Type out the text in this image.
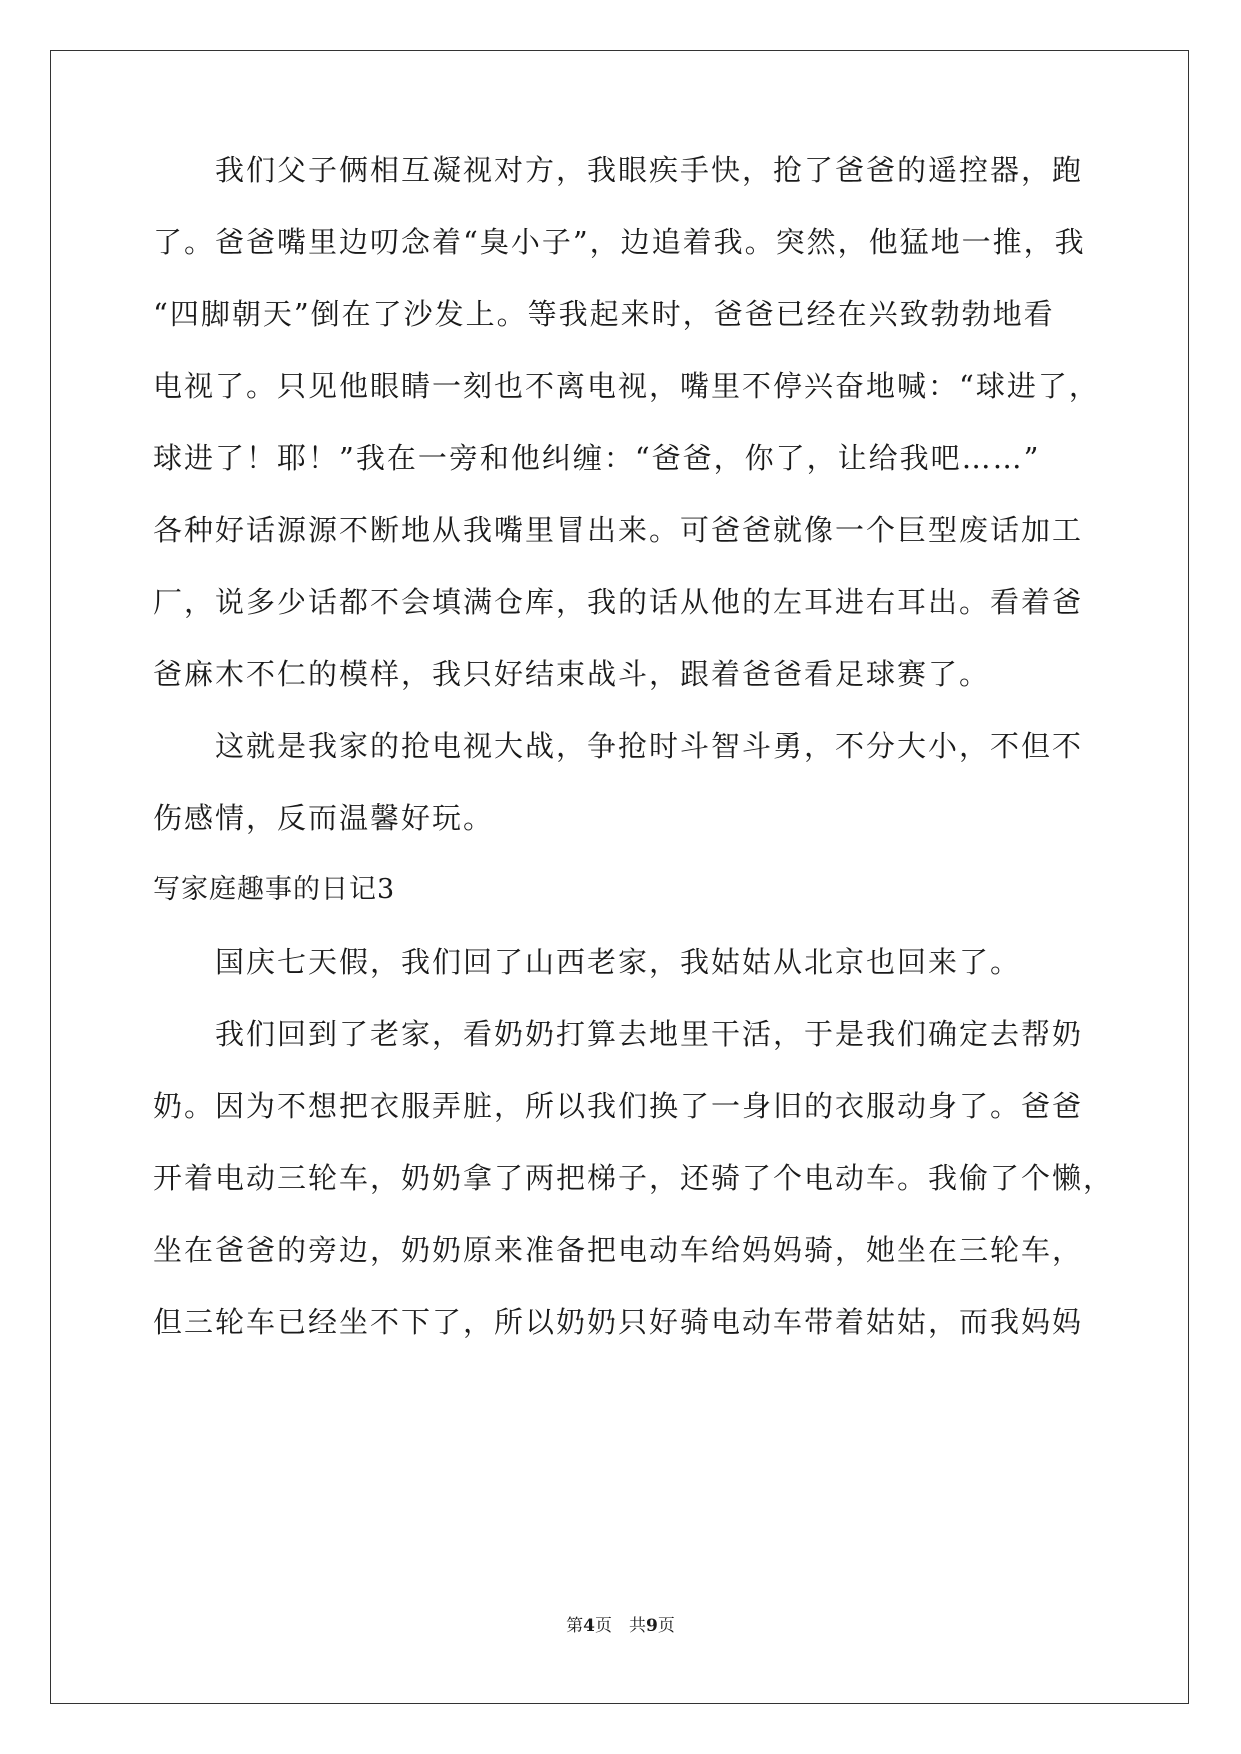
我们父子俩相互凝视对方，我眼疾手快，抢了爸爸的遥控器，跑
了。爸爸嘴里边叨念着“臭小子”，边追着我。突然，他猛地一推，我
“四脚朝天”倒在了沙发上。等我起来时，爸爸已经在兴致勃勃地看
电视了。只见他眼睛一刻也不离电视，嘴里不停兴奋地喊：“球进了，
球进了！耶！”我在一旁和他纠缠：“爸爸，你了，让给我吧……”
各种好话源源不断地从我嘴里冒出来。可爸爸就像一个巨型废话加工
厂，说多少话都不会填满仓库，我的话从他的左耳进右耳出。看着爸
爸麻木不仁的模样，我只好结束战斗，跟着爸爸看足球赛了。
这就是我家的抢电视大战，争抢时斗智斗勇，不分大小，不但不
伤感情，反而温馨好玩。
写家庭趣事的日记3
国庆七天假，我们回了山西老家，我姑姑从北京也回来了。
我们回到了老家，看奶奶打算去地里干活，于是我们确定去帮奶
奶。因为不想把衣服弄脏，所以我们换了一身旧的衣服动身了。爸爸
开着电动三轮车，奶奶拿了两把梯子，还骑了个电动车。我偷了个懒，
坐在爸爸的旁边，奶奶原来准备把电动车给妈妈骑，她坐在三轮车，
但三轮车已经坐不下了，所以奶奶只好骑电动车带着姑姑，而我妈妈
第4页　共9页
